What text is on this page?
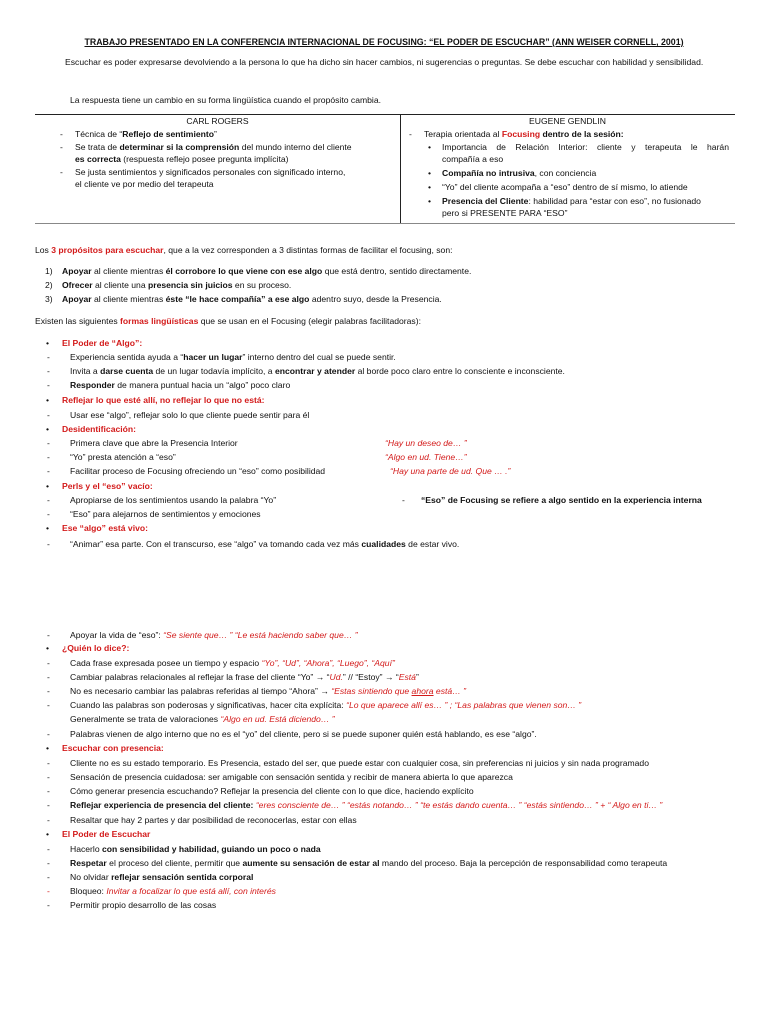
TRABAJO PRESENTADO EN LA CONFERENCIA INTERNACIONAL DE FOCUSING: “EL PODER DE ESCUCHAR” (ANN WEISER CORNELL, 2001)
Escuchar es poder expresarse devolviendo a la persona lo que ha dicho sin hacer cambios, ni sugerencias o preguntas. Se debe escuchar con habilidad y sensibilidad.
La respuesta tiene un cambio en su forma lingüística cuando el propósito cambia.
CARL ROGERS	EUGENE GENDLIN
- Técnica de “Reflejo de sentimiento”
- Se trata de determinar si la comprensión del mundo interno del cliente
es correcta (respuesta reflejo posee pregunta implícita)
- Se justa sentimientos y significados personales con significado interno,
el cliente ve por medio del terapeuta
- Terapia orientada al Focusing dentro de la sesión:
• Importancia de Relación Interior: cliente y terapeuta le harán
compañía a eso
• Compañía no intrusiva, con conciencia
• “Yo” del cliente acompaña a “eso” dentro de sí mismo, lo atiende
• Presencia del Cliente: habilidad para “estar con eso”, no fusionado
pero si PRESENTE PARA “ESO”
Los 3 propósitos para escuchar, que a la vez corresponden a 3 distintas formas de facilitar el focusing, son:
1) Apoyar al cliente mientras él corrobore lo que viene con ese algo que está dentro, sentido directamente.
2) Ofrecer al cliente una presencia sin juicios en su proceso.
3) Apoyar al cliente mientras éste “le hace compañía” a ese algo adentro suyo, desde la Presencia.
Existen las siguientes formas lingüísticas que se usan en el Focusing (elegir palabras facilitadoras):
• El Poder de “Algo”:
- Experiencia sentida ayuda a “hacer un lugar” interno dentro del cual se puede sentir.
- Invita a darse cuenta de un lugar todavía implícito, a encontrar y atender al borde poco claro entre lo consciente e inconsciente.
- Responder de manera puntual hacia un “algo” poco claro
• Reflejar lo que esté allí, no reflejar lo que no está:
- Usar ese “algo”, reflejar solo lo que cliente puede sentir para él
• Desidentificación:
- Primera clave que abre la Presencia Interior	“Hay un deseo de… ”
- “Yo” presta atención a “eso”	“Algo en ud. Tiene…”
- Facilitar proceso de Focusing ofreciendo un “eso” como posibilidad	“Hay una parte de ud. Que … .”
• Perls y el “eso” vacío:
- Apropiarse de los sentimientos usando la palabra “Yo”	- “Eso” de Focusing se refiere a algo sentido en la experiencia interna
- “Eso” para alejarnos de sentimientos y emociones
• Ese “algo” está vivo:
- “Animar” esa parte. Con el transcurso, ese “algo” va tomando cada vez más cualidades de estar vivo.
- Apoyar la vida de “eso”: “Se siente que… ” “Le está haciendo saber que… ”
• ¿Quién lo dice?:
- Cada frase expresada posee un tiempo y espacio “Yo”, “Ud”, “Ahora”, “Luego”, “Aquí”
- Cambiar palabras relacionales al reflejar la frase del cliente “Yo” → “Ud.” // “Estoy” → “Está”
- No es necesario cambiar las palabras referidas al tiempo “Ahora” → “Estas sintiendo que ahora está… ”
- Cuando las palabras son poderosas y significativas, hacer cita explícita: “Lo que aparece allí es… ” ; “Las palabras que vienen son… ”
Generalmente se trata de valoraciones “Algo en ud. Está diciendo… ”
- Palabras vienen de algo interno que no es el “yo” del cliente, pero si se puede suponer quién está hablando, es ese “algo”.
• Escuchar con presencia:
- Cliente no es su estado temporario. Es Presencia, estado del ser, que puede estar con cualquier cosa, sin preferencias ni juicios y sin nada programado
- Sensación de presencia cuidadosa: ser amigable con sensación sentida y recibir de manera abierta lo que aparezca
- Cómo generar presencia escuchando? Reflejar la presencia del cliente con lo que dice, haciendo explícito
- Reflejar experiencia de presencia del cliente: “eres consciente de… ” “estás notando… ” “te estás dando cuenta… ” “estás sintiendo… ” + “ Algo en ti… ”
- Resaltar que hay 2 partes y dar posibilidad de reconocerlas, estar con ellas
• El Poder de Escuchar
- Hacerlo con sensibilidad y habilidad, guiando un poco o nada
- Respetar el proceso del cliente, permitir que aumente su sensación de estar al mando del proceso. Baja la percepción de responsabilidad como terapeuta
- No olvidar reflejar sensación sentida corporal
- Bloqueo: Invitar a focalizar lo que está allí, con interés
- Permitir propio desarrollo de las cosas
